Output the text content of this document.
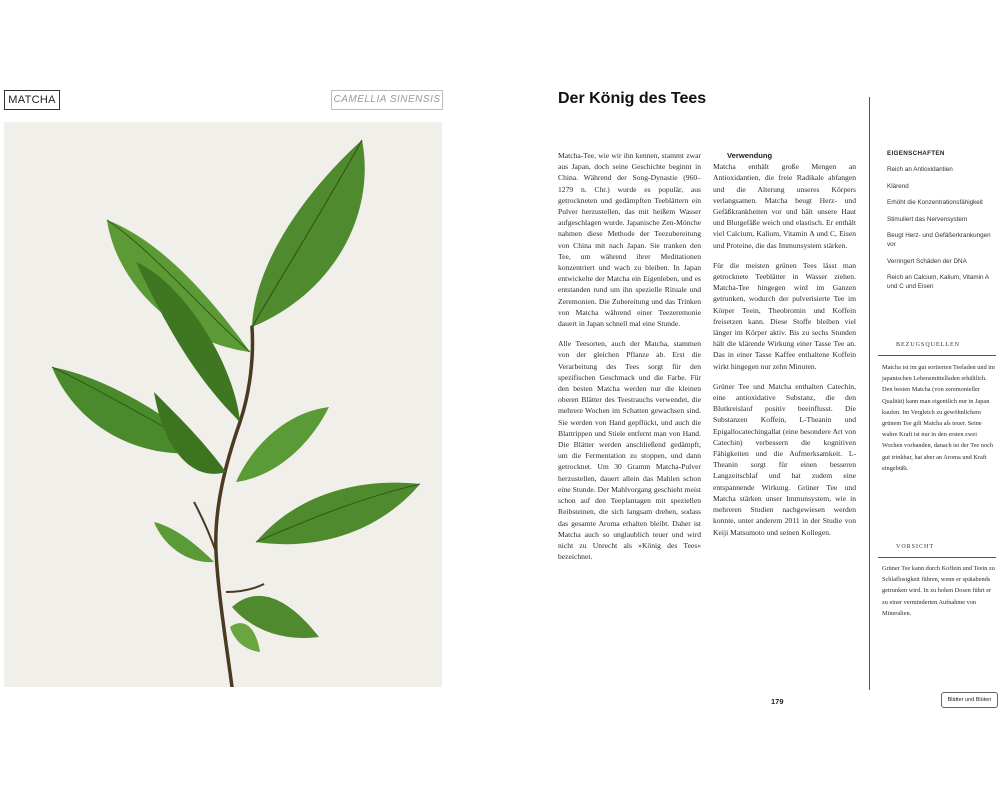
MATCHA	CAMELLIA SINENSIS	Der König des Tees

Matcha-Tee, wie wir ihn kennen, stammt zwar aus Japan, doch seine Geschichte beginnt in China. Während der Song-Dynastie (960–1279 n. Chr.) wurde es populär, aus getrockneten und gedämpften Teeblättern ein Pulver herzustellen, das mit heißem Wasser aufgeschlagen wurde. Japanische Zen-Mönche nahmen diese Methode der Teezubereitung von China mit nach Japan. Sie tranken den Tee, um während ihrer Meditationen konzentriert und wach zu bleiben. In Japan entwickelte der Matcha ein Eigenleben, und es entstanden rund um ihn spezielle Rituale und Zeremonien. Die Zubereitung und das Trinken von Matcha während einer Teezeremonie dauert in Japan schnell mal eine Stunde.

Alle Teesorten, auch der Matcha, stammen von der gleichen Pflanze ab. Erst die Verarbeitung des Tees sorgt für den spezifischen Geschmack und die Farbe. Für den besten Matcha werden nur die kleinen oberen Blätter des Teestrauchs verwendet, die mehrere Wochen im Schatten gewachsen sind. Sie werden von Hand gepflückt, und auch die Blattrippen und Stiele entfernt man von Hand. Die Blätter werden anschließend gedämpft, um die Fermentation zu stoppen, und dann getrocknet. Um 30 Gramm Matcha-Pulver herzustellen, dauert allein das Mahlen schon eine Stunde. Der Mahlvorgang geschieht meist schon auf den Teeplantagen mit speziellen Reibsteinen, die sich langsam drehen, sodass das gesamte Aroma erhalten bleibt. Daher ist Matcha auch so unglaublich teuer und wird nicht zu Unrecht als »König des Tees« bezeichnet.

Verwendung

Matcha enthält große Mengen an Antioxidantien, die freie Radikale abfangen und die Alterung unseres Körpers verlangsamen. Matcha beugt Herz- und Gefäßkrankheiten vor und hält unsere Haut und Blutgefäße weich und elastisch. Er enthält viel Calcium, Kalium, Vitamin A und C, Eisen und Proteine, die das Immunsystem stärken.

Für die meisten grünen Tees lässt man getrocknete Teeblätter in Wasser ziehen. Matcha-Tee hingegen wird im Ganzen getrunken, wodurch der pulverisierte Tee im Körper Teein, Theobromin und Koffein freisetzen kann. Diese Stoffe bleiben viel länger im Körper aktiv. Bis zu sechs Stunden hält die klärende Wirkung einer Tasse Tee an. Das in einer Tasse Kaffee enthaltene Koffein wirkt hingegen nur zehn Minuten.

Grüner Tee und Matcha enthalten Catechin, eine antioxidative Substanz, die den Blutkreislauf positiv beeinflusst. Die Substanzen Koffein, L-Theanin und Epigallocatechingallat (eine besondere Art von Catechin) verbessern die kognitiven Fähigkeiten und die Aufmerksamkeit. L-Theanin sorgt für einen besseren Langzeitschlaf und hat zudem eine entspannende Wirkung. Grüner Tee und Matcha stärken unser Immunsystem, wie in mehreren Studien nachgewiesen werden konnte, unter anderem 2011 in der Studie von Keiji Matsumoto und seinen Kollegen.

EIGENSCHAFTEN
Reich an Antioxidantien
Klärend
Erhöht die Konzentrationsfähigkeit
Stimuliert das Nervensystem
Beugt Herz- und Gefäßerkrankungen vor
Verringert Schäden der DNA
Reich an Calcium, Kalium, Vitamin A und C und Eisen
BEZUGSQUELLEN
Matcha ist im gut sortierten Teeladen und im japanischen Lebensmittelladen erhältlich. Den besten Matcha (von zeremonieller Qualität) kann man eigentlich nur in Japan kaufen. Im Vergleich zu gewöhnlichem grünem Tee gilt Matcha als teuer. Seine wahre Kraft ist nur in den ersten zwei Wochen vorhanden, danach ist der Tee noch gut trinkbar, hat aber an Aroma und Kraft eingebüßt.
VORSICHT
Grüner Tee kann durch Koffein und Teein zu Schlaflosigkeit führen, wenn er spätabends getrunken wird. In zu hohen Dosen führt er zu einer verminderten Aufnahme von Mineralien.
179	Blätter und Blüten
